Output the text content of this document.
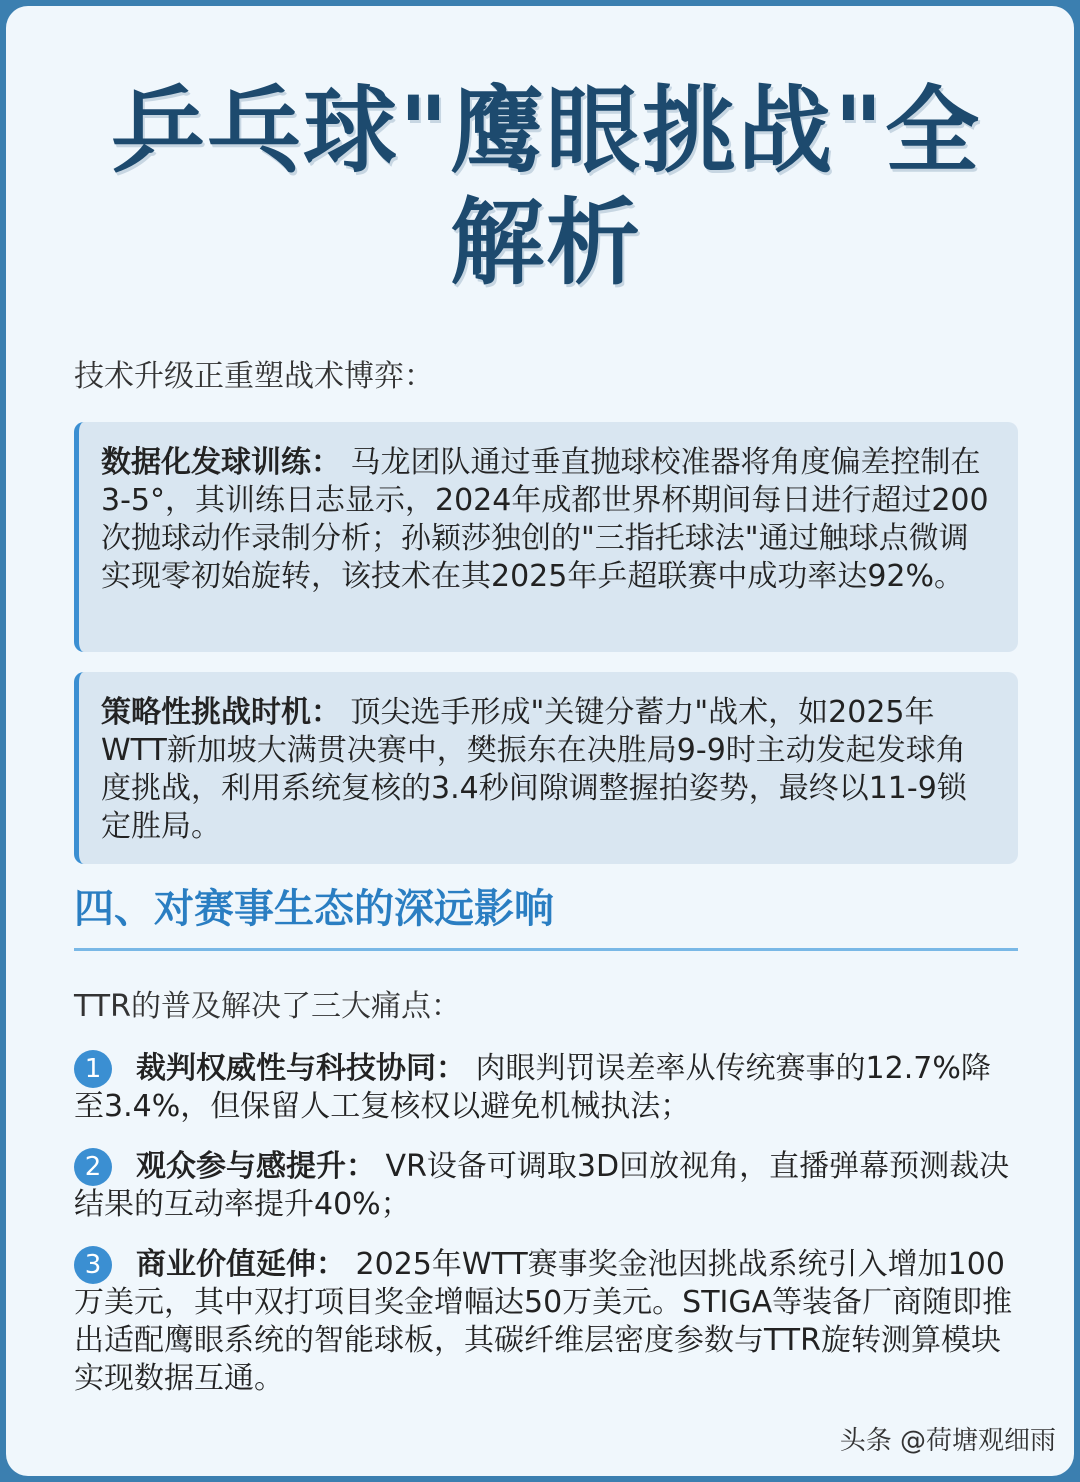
乒乓球"鹰眼挑战"全
解析
技术升级正重塑战术博弈：
数据化发球训练： 马龙团队通过垂直抛球校准器将角度偏差控制在3-5°，其训练日志显示，2024年成都世界杯期间每日进行超过200次抛球动作录制分析；孙颖莎独创的"三指托球法"通过触球点微调实现零初始旋转，该技术在其2025年乒超联赛中成功率达92%。
策略性挑战时机： 顶尖选手形成"关键分蓄力"战术，如2025年WTT新加坡大满贯决赛中，樊振东在决胜局9-9时主动发起发球角度挑战，利用系统复核的3.4秒间隙调整握拍姿势，最终以11-9锁定胜局。
四、对赛事生态的深远影响
TTR的普及解决了三大痛点：
1 裁判权威性与科技协同： 肉眼判罚误差率从传统赛事的12.7%降至3.4%，但保留人工复核权以避免机械执法；
2 观众参与感提升： VR设备可调取3D回放视角，直播弹幕预测裁决结果的互动率提升40%；
3 商业价值延伸： 2025年WTT赛事奖金池因挑战系统引入增加100万美元，其中双打项目奖金增幅达50万美元。STIGA等装备厂商随即推出适配鹰眼系统的智能球板，其碳纤维层密度参数与TTR旋转测算模块实现数据互通。
头条 @荷塘观细雨
